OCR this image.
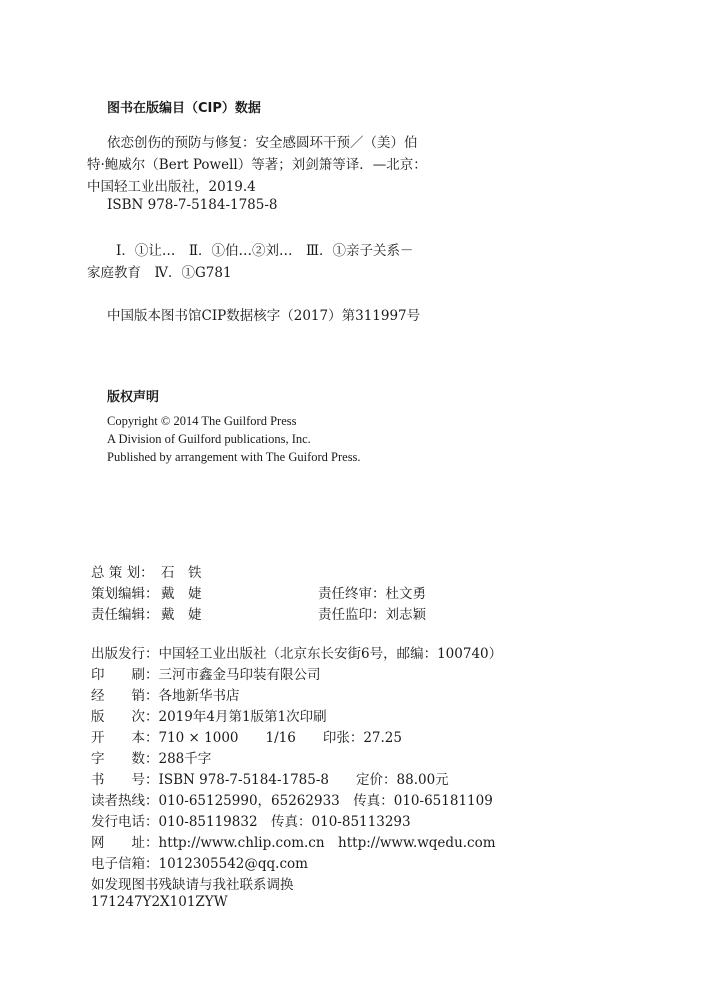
图书在版编目（CIP）数据
依恋创伤的预防与修复：安全感圆环干预／（美）伯
特·鲍威尔（Bert Powell）等著；刘剑箫等译．—北京：
中国轻工业出版社，2019.4
ISBN 978-7-5184-1785-8
Ⅰ．①让…　Ⅱ．①伯…②刘…　Ⅲ．①亲子关系－
家庭教育　Ⅳ．①G781
中国版本图书馆CIP数据核字（2017）第311997号
版权声明
Copyright © 2014 The Guilford Press
A Division of Guilford publications, Inc.
Published by arrangement with The Guiford Press.
总 策 划： 石　铁
策划编辑： 戴　婕	责任终审：杜文勇
责任编辑： 戴　婕	责任监印：刘志颖
出版发行：中国轻工业出版社（北京东长安街6号，邮编：100740）
印　　刷：三河市鑫金马印装有限公司
经　　销：各地新华书店
版　　次：2019年4月第1版第1次印刷
开　　本：710 × 1000　　1/16　　印张：27.25
字　　数：288千字
书　　号：ISBN 978-7-5184-1785-8　　定价：88.00元
读者热线：010-65125990，65262933　传真：010-65181109
发行电话：010-85119832　传真：010-85113293
网　　址：http://www.chlip.com.cn　http://www.wqedu.com
电子信箱：1012305542@qq.com
如发现图书残缺请与我社联系调换
171247Y2X101ZYW
